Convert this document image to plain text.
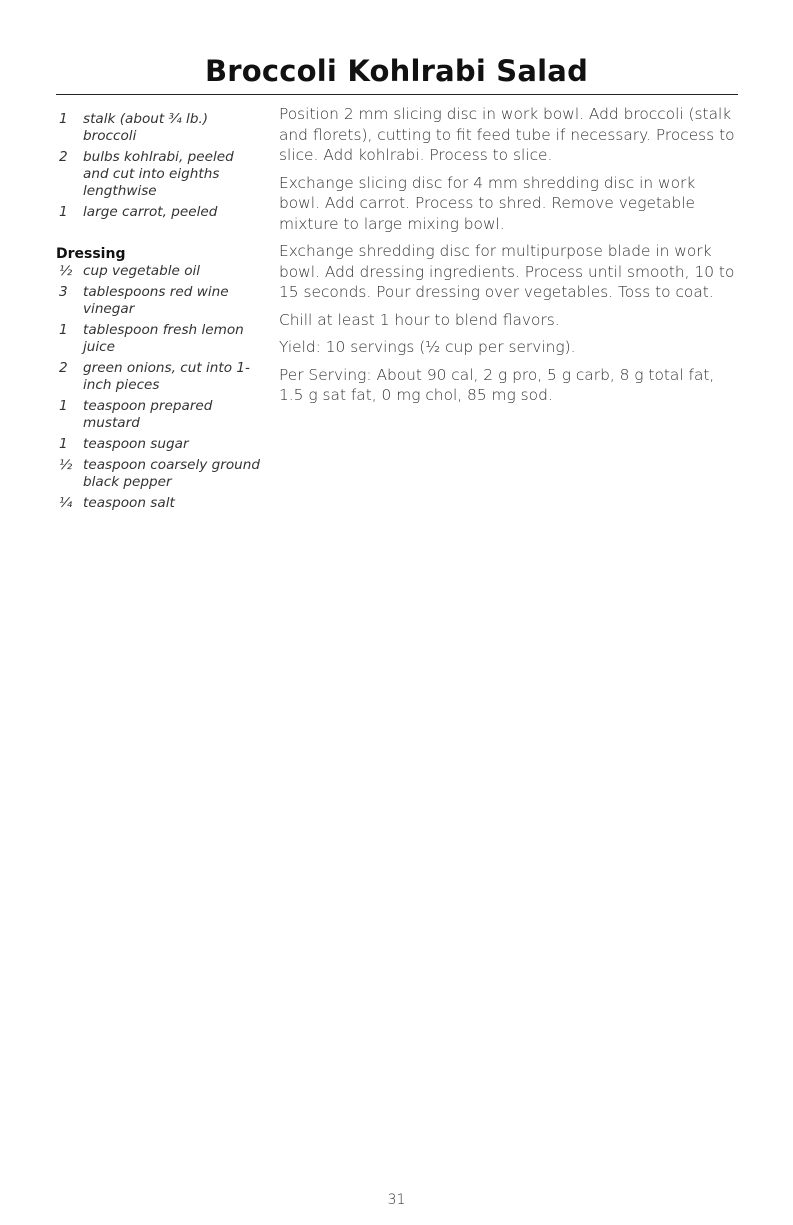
Broccoli Kohlrabi Salad
1	stalk (about ¾ lb.) broccoli
2	bulbs kohlrabi, peeled and cut into eighths lengthwise
1	large carrot, peeled
Dressing
½ cup vegetable oil
3	tablespoons red wine vinegar
1	tablespoon fresh lemon juice
2	green onions, cut into 1-inch pieces
1	teaspoon prepared mustard
1	teaspoon sugar
½ teaspoon coarsely ground black pepper
¼ teaspoon salt

Position 2 mm slicing disc in work bowl. Add broccoli (stalk and florets), cutting to fit feed tube if necessary. Process to slice. Add kohlrabi. Process to slice.

Exchange slicing disc for 4 mm shredding disc in work bowl. Add carrot. Process to shred. Remove vegetable mixture to large mixing bowl.

Exchange shredding disc for multipurpose blade in work bowl. Add dressing ingredients. Process until smooth, 10 to 15 seconds. Pour dressing over vegetables. Toss to coat.

Chill at least 1 hour to blend flavors.

Yield: 10 servings (½ cup per serving).

Per Serving: About 90 cal, 2 g pro, 5 g carb, 8 g total fat, 1.5 g sat fat, 0 mg chol, 85 mg sod.

31
